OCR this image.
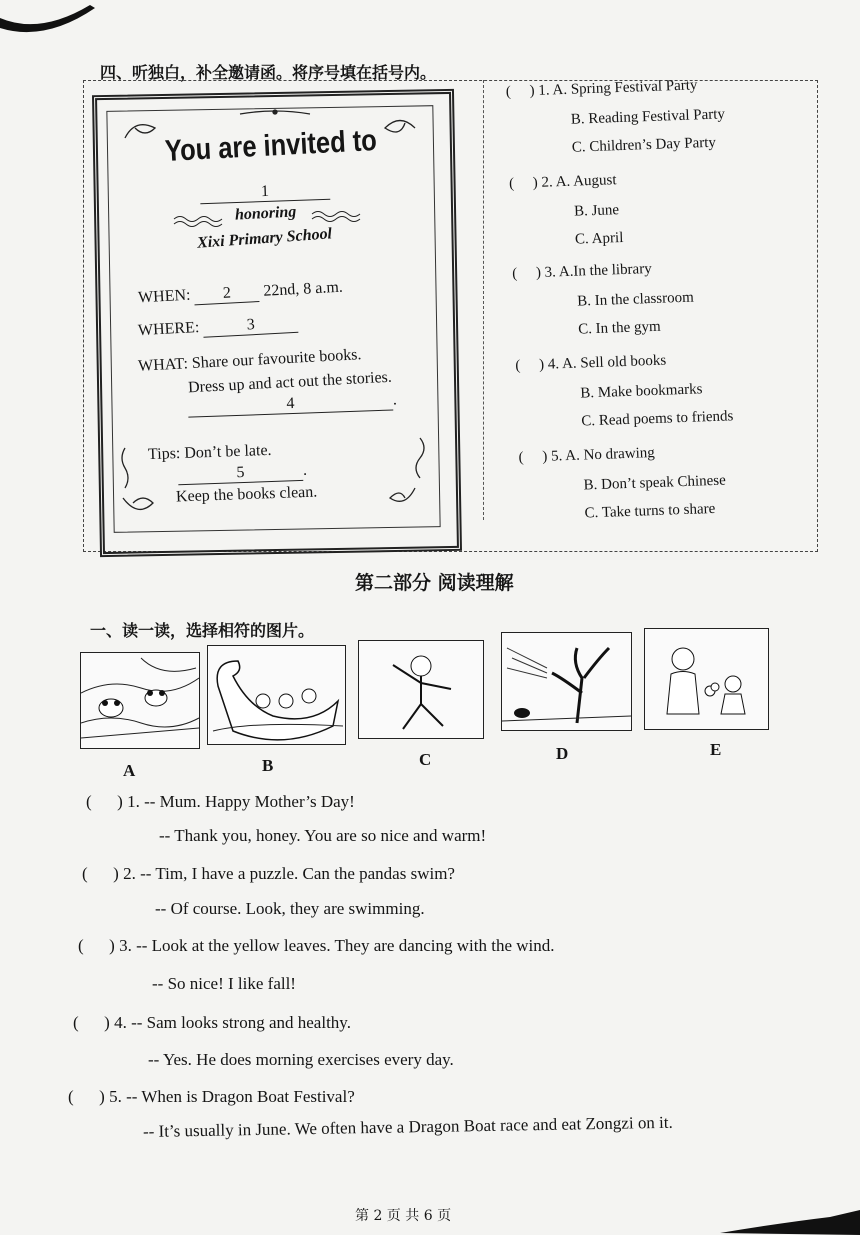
四、听独白，补全邀请函。将序号填在括号内。
You are invited to
1
honoring
Xixi Primary School
WHEN: 2 22nd, 8 a.m.
WHERE:	3
WHAT: Share our favourite books.
Dress up and act out the stories.
4	.
Tips: Don’t be late.
5	.
Keep the books clean.
( ) 1. A. Spring Festival Party
B. Reading Festival Party
C. Children’s Day Party
( ) 2. A. August
B. June
C. April
( ) 3. A.In the library
B. In the classroom
C. In the gym
( ) 4. A. Sell old books
B. Make bookmarks
C. Read poems to friends
( ) 5. A. No drawing
B. Don’t speak Chinese
C. Take turns to share
第二部分 阅读理解
一、读一读，选择相符的图片。
A	B	C	D	E
( ) 1. -- Mum. Happy Mother’s Day!
-- Thank you, honey. You are so nice and warm!
( ) 2. -- Tim, I have a puzzle. Can the pandas swim?
-- Of course. Look, they are swimming.
( ) 3. -- Look at the yellow leaves. They are dancing with the wind.
-- So nice! I like fall!
( ) 4. -- Sam looks strong and healthy.
-- Yes. He does morning exercises every day.
( ) 5. -- When is Dragon Boat Festival?
-- It’s usually in June. We often have a Dragon Boat race and eat Zongzi on it.
第 2 页 共 6 页
